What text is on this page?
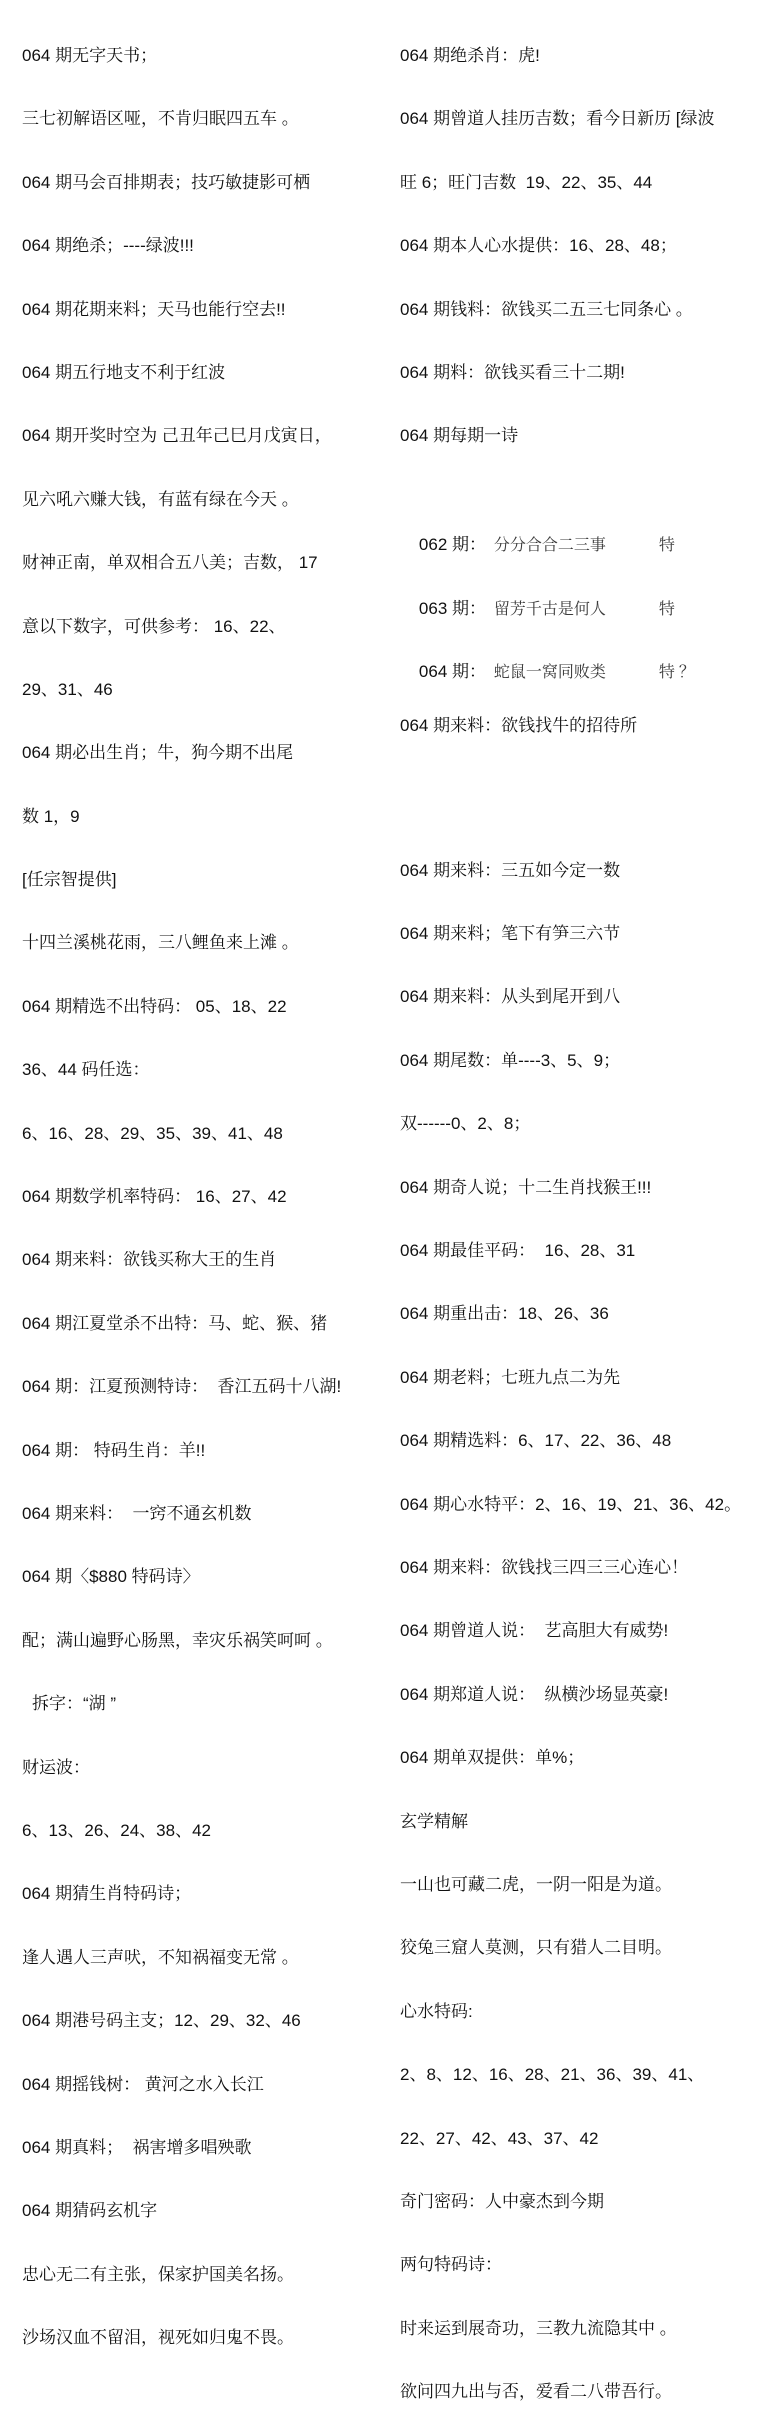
064 期无字天书；

三七初解语区哑，不肯归眠四五车 。

064 期马会百排期表；技巧敏捷影可栖

064 期绝杀；----绿波!!!

064 期花期来料；天马也能行空去!!

064 期五行地支不利于红波

064 期开奖时空为 己丑年己巳月戊寅日，

见六吼六赚大钱，有蓝有绿在今天 。

财神正南，单双相合五八美；吉数， 17

意以下数字，可供参考： 16、22、

29、31、46

064 期必出生肖；牛，狗今期不出尾

数 1，9

[任宗智提供]

十四兰溪桃花雨，三八鲤鱼来上滩 。

064 期精选不出特码： 05、18、22

36、44 码任选：

6、16、28、29、35、39、41、48

064 期数学机率特码： 16、27、42

064 期来料：欲钱买称大王的生肖

064 期江夏堂杀不出特：马、蛇、猴、猪

064 期：江夏预测特诗：  香江五码十八湖!

064 期： 特码生肖：羊!!

064 期来料：  一窍不通玄机数

064 期〈$880 特码诗〉

配；满山遍野心肠黑，幸灾乐祸笑呵呵 。

拆字：“湖 ”

财运波：

6、13、26、24、38、42

064 期猜生肖特码诗；

逢人遇人三声吠，不知祸福变无常 。

064 期港号码主支；12、29、32、46

064 期摇钱树： 黄河之水入长江

064 期真料；  祸害增多唱殃歌

064 期猜码玄机字

忠心无二有主张，保家护国美名扬。

沙场汉血不留泪，视死如归鬼不畏。

064 期绝杀肖：虎!

064 期曾道人挂历吉数；看今日新历 [绿波

旺 6；旺门吉数  19、22、35、44

064 期本人心水提供：16、28、48；

064 期钱料：欲钱买二五三七同条心 。

064 期料：欲钱买看三十二期!

064 期每期一诗

062 期： 分分合合二三事	特

063 期： 留芳千古是何人	特

064 期： 蛇鼠一窝同败类	特 ？

064 期来料：欲钱找牛的招待所

064 期来料：三五如今定一数

064 期来料；笔下有笋三六节

064 期来料：从头到尾开到八

064 期尾数：单----3、5、9；

双------0、2、8；

064 期奇人说；十二生肖找猴王!!!

064 期最佳平码：  16、28、31

064 期重出击：18、26、36

064 期老料；七班九点二为先

064 期精选料：6、17、22、36、48

064 期心水特平：2、16、19、21、36、42。

064 期来料：欲钱找三四三三心连心！

064 期曾道人说：  艺高胆大有威势!

064 期郑道人说：  纵横沙场显英豪!

064 期单双提供：单%；

玄学精解

一山也可藏二虎，一阴一阳是为道。

狡兔三窟人莫测，只有猎人二目明。

心水特码:

2、8、12、16、28、21、36、39、41、

22、27、42、43、37、42

奇门密码：人中豪杰到今期

两句特码诗：

时来运到展奇功，三教九流隐其中 。

欲问四九出与否，爱看二八带吾行。
